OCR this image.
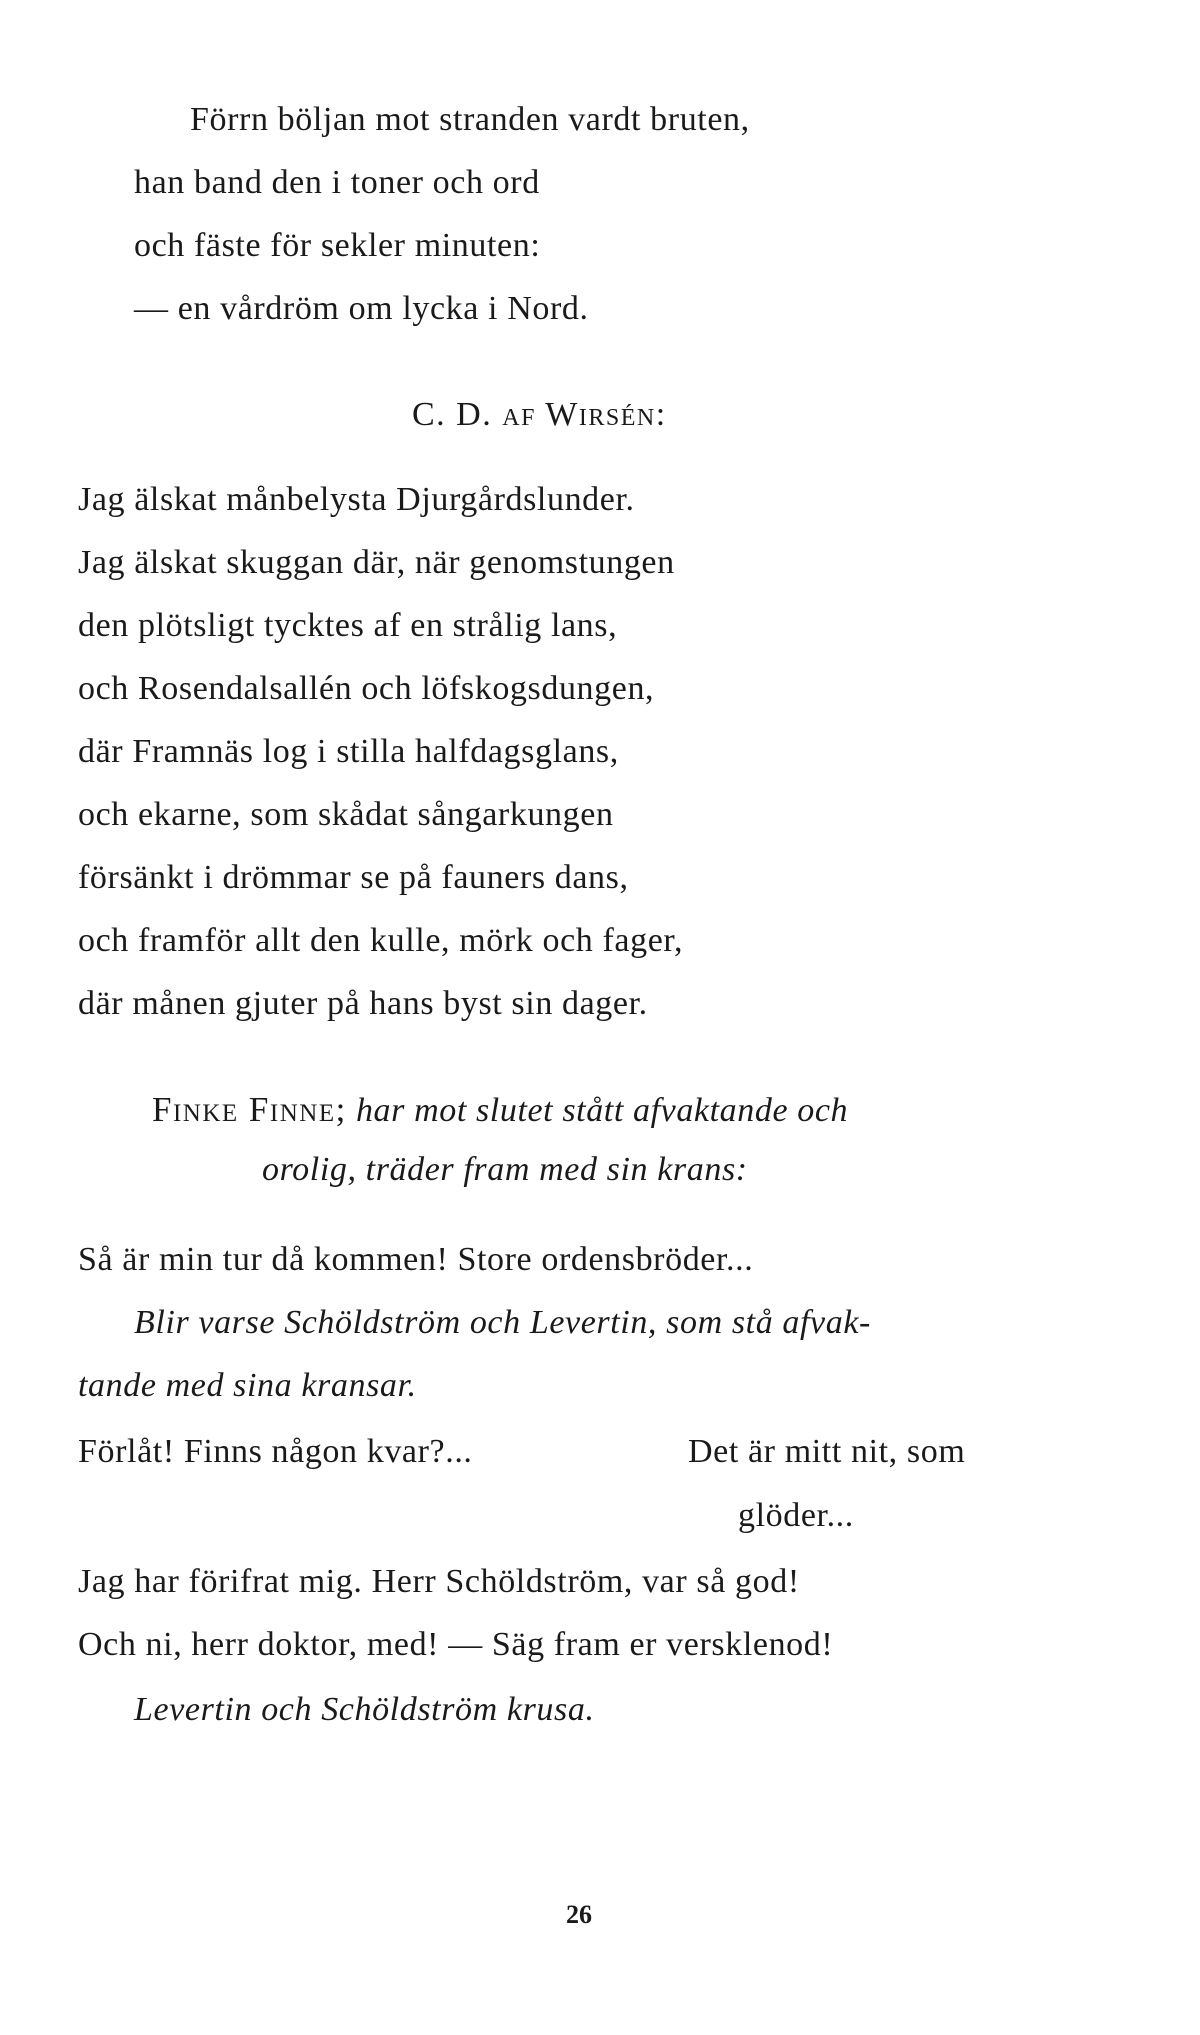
Förrn böljan mot stranden vardt bruten,
han band den i toner och ord
och fäste för sekler minuten:
— en vårdröm om lycka i Nord.
C. D. af Wirsén:
Jag älskat månbelysta Djurgårdslunder.
Jag älskat skuggan där, när genomstungen
den plötsligt tycktes af en strålig lans,
och Rosendalsallén och löfskogsdungen,
där Framnäs log i stilla halfdagsglans,
och ekarne, som skådat sångarkungen
försänkt i drömmar se på fauners dans,
och framför allt den kulle, mörk och fager,
där månen gjuter på hans byst sin dager.
Finke Finne; har mot slutet stått afvaktande och
orolig, träder fram med sin krans:
Så är min tur då kommen! Store ordensbröder...
Blir varse Schöldström och Levertin, som stå afvak-
tande med sina kransar.
Förlåt! Finns någon kvar?...	Det är mitt nit, som
glöder...
Jag har förifrat mig. Herr Schöldström, var så god!
Och ni, herr doktor, med! — Säg fram er versklenod!
Levertin och Schöldström krusa.
26
